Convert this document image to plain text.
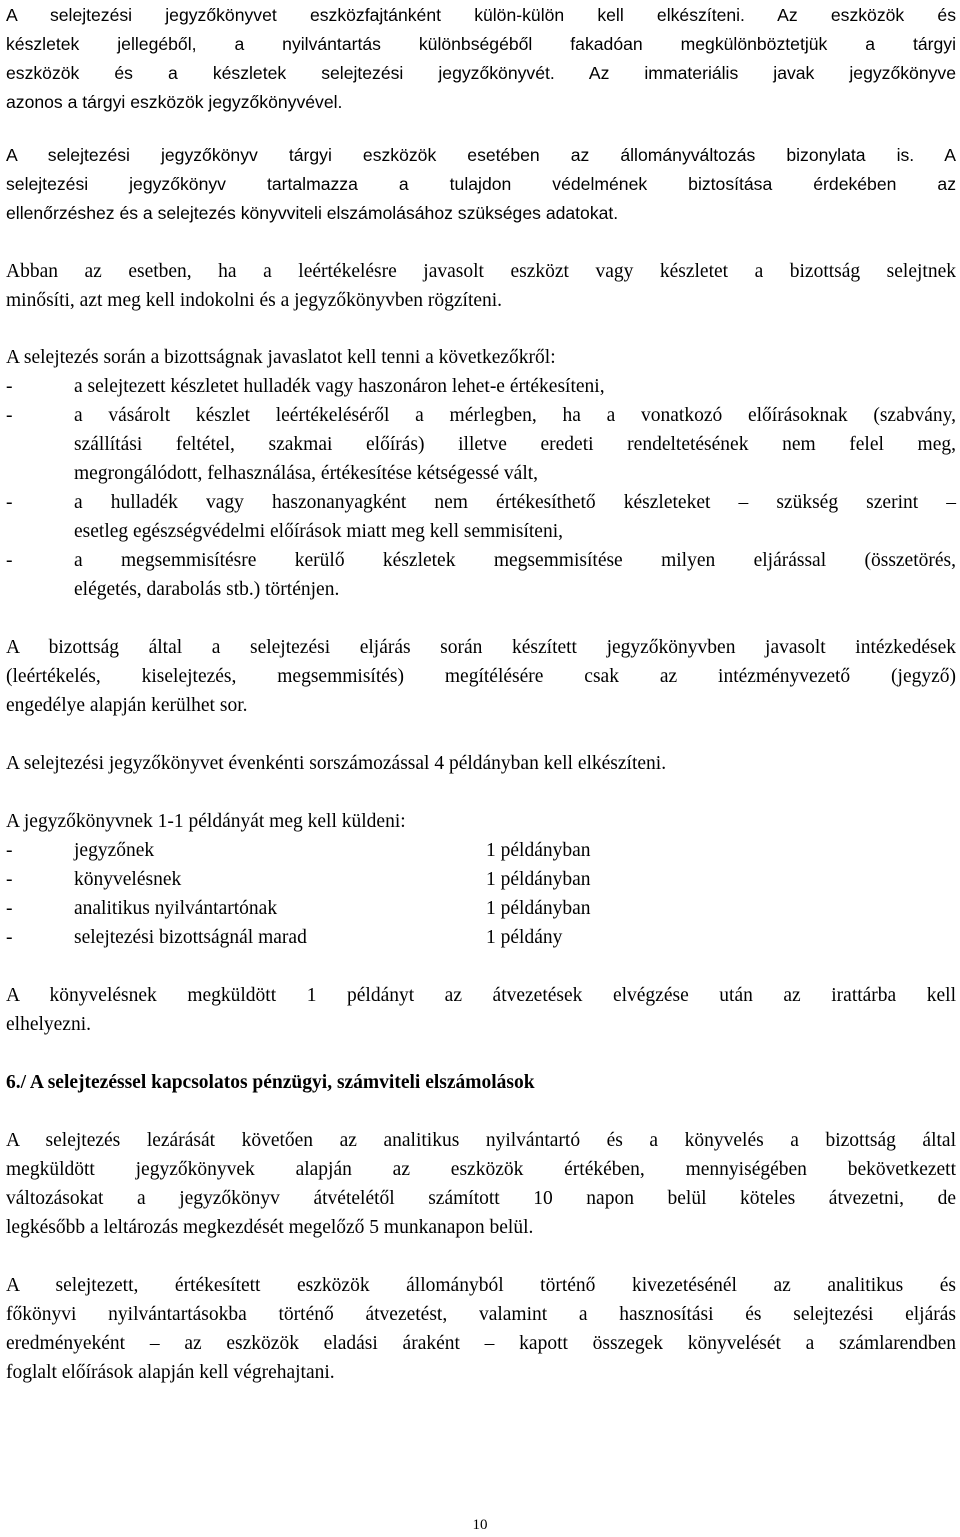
A selejtezési jegyzőkönyvet eszközfajtánként külön-külön kell elkészíteni. Az eszközök és

készletek jellegéből, a nyilvántartás különbségéből fakadóan megkülönböztetjük a tárgyi

eszközök és a készletek selejtezési jegyzőkönyvét. Az immateriális javak jegyzőkönyve

azonos a tárgyi eszközök jegyzőkönyvével.

A selejtezési jegyzőkönyv tárgyi eszközök esetében az állományváltozás bizonylata is. A

selejtezési jegyzőkönyv tartalmazza a tulajdon védelmének biztosítása érdekében az

ellenőrzéshez és a selejtezés könyvviteli elszámolásához szükséges adatokat.

Abban az esetben, ha a leértékelésre javasolt eszközt vagy készletet a bizottság selejtnek

minősíti, azt meg kell indokolni és a jegyzőkönyvben rögzíteni.

A selejtezés során a bizottságnak javaslatot kell tenni a következőkről:

-	a selejtezett készletet hulladék vagy haszonáron lehet-e értékesíteni,
-	a vásárolt készlet leértékeléséről a mérlegben, ha a vonatkozó előírásoknak (szabvány,
szállítási feltétel, szakmai előírás) illetve eredeti rendeltetésének nem felel meg,
megrongálódott, felhasználása, értékesítése kétségessé vált,
-	a hulladék vagy haszonanyagként nem értékesíthető készleteket – szükség szerint –
esetleg egészségvédelmi előírások miatt meg kell semmisíteni,
-	a megsemmisítésre kerülő készletek megsemmisítése milyen eljárással (összetörés,
elégetés, darabolás stb.) történjen.

A bizottság által a selejtezési eljárás során készített jegyzőkönyvben javasolt intézkedések

(leértékelés, kiselejtezés, megsemmisítés) megítélésére csak az intézményvezető (jegyző)

engedélye alapján kerülhet sor.

A selejtezési jegyzőkönyvet évenkénti sorszámozással 4 példányban kell elkészíteni.

A jegyzőkönyvnek 1-1 példányát meg kell küldeni:

-	jegyzőnek	1 példányban
-	könyvelésnek	1 példányban
-	analitikus nyilvántartónak	1 példányban
-	selejtezési bizottságnál marad	1 példány

A könyvelésnek megküldött 1 példányt az átvezetések elvégzése után az irattárba kell

elhelyezni.

6./ A selejtezéssel kapcsolatos pénzügyi, számviteli elszámolások

A selejtezés lezárását követően az analitikus nyilvántartó és a könyvelés a bizottság által

megküldött jegyzőkönyvek alapján az eszközök értékében, mennyiségében bekövetkezett

változásokat a jegyzőkönyv átvételétől számított 10 napon belül köteles átvezetni, de

legkésőbb a leltározás megkezdését megelőző 5 munkanapon belül.

A selejtezett, értékesített eszközök állományból történő kivezetésénél az analitikus és

főkönyvi nyilvántartásokba történő átvezetést, valamint a hasznosítási és selejtezési eljárás

eredményeként – az eszközök eladási áraként – kapott összegek könyvelését a számlarendben

foglalt előírások alapján kell végrehajtani.

10
